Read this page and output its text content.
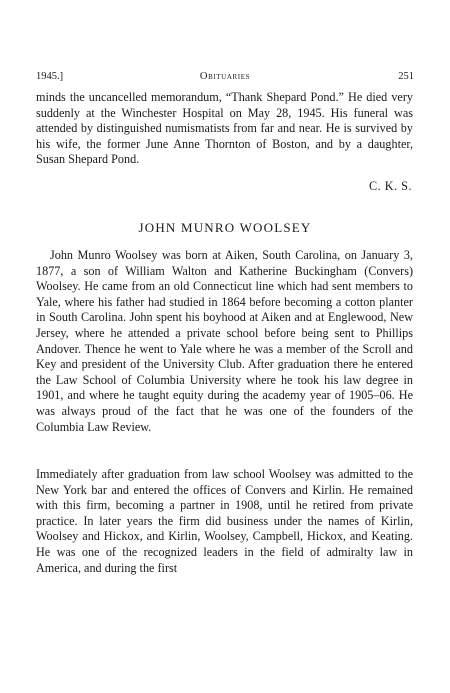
1945.]	Obituaries	251

minds the uncancelled memorandum, “Thank Shepard Pond.” He died very suddenly at the Winchester Hospital on May 28, 1945. His funeral was attended by distinguished numismatists from far and near. He is survived by his wife, the former June Anne Thornton of Boston, and by a daughter, Susan Shepard Pond.

C. K. S.
JOHN MUNRO WOOLSEY

John Munro Woolsey was born at Aiken, South Carolina, on January 3, 1877, a son of William Walton and Katherine Buckingham (Convers) Woolsey. He came from an old Connecticut line which had sent members to Yale, where his father had studied in 1864 before becoming a cotton planter in South Carolina. John spent his boyhood at Aiken and at Englewood, New Jersey, where he attended a private school before being sent to Phillips Andover. Thence he went to Yale where he was a member of the Scroll and Key and president of the University Club. After graduation there he entered the Law School of Columbia University where he took his law degree in 1901, and where he taught equity during the academy year of 1905–06. He was always proud of the fact that he was one of the founders of the Columbia Law Review.

Immediately after graduation from law school Woolsey was admitted to the New York bar and entered the offices of Convers and Kirlin. He remained with this firm, becoming a partner in 1908, until he retired from private practice. In later years the firm did business under the names of Kirlin, Woolsey and Hickox, and Kirlin, Woolsey, Campbell, Hickox, and Keating. He was one of the recognized leaders in the field of admiralty law in America, and during the first
